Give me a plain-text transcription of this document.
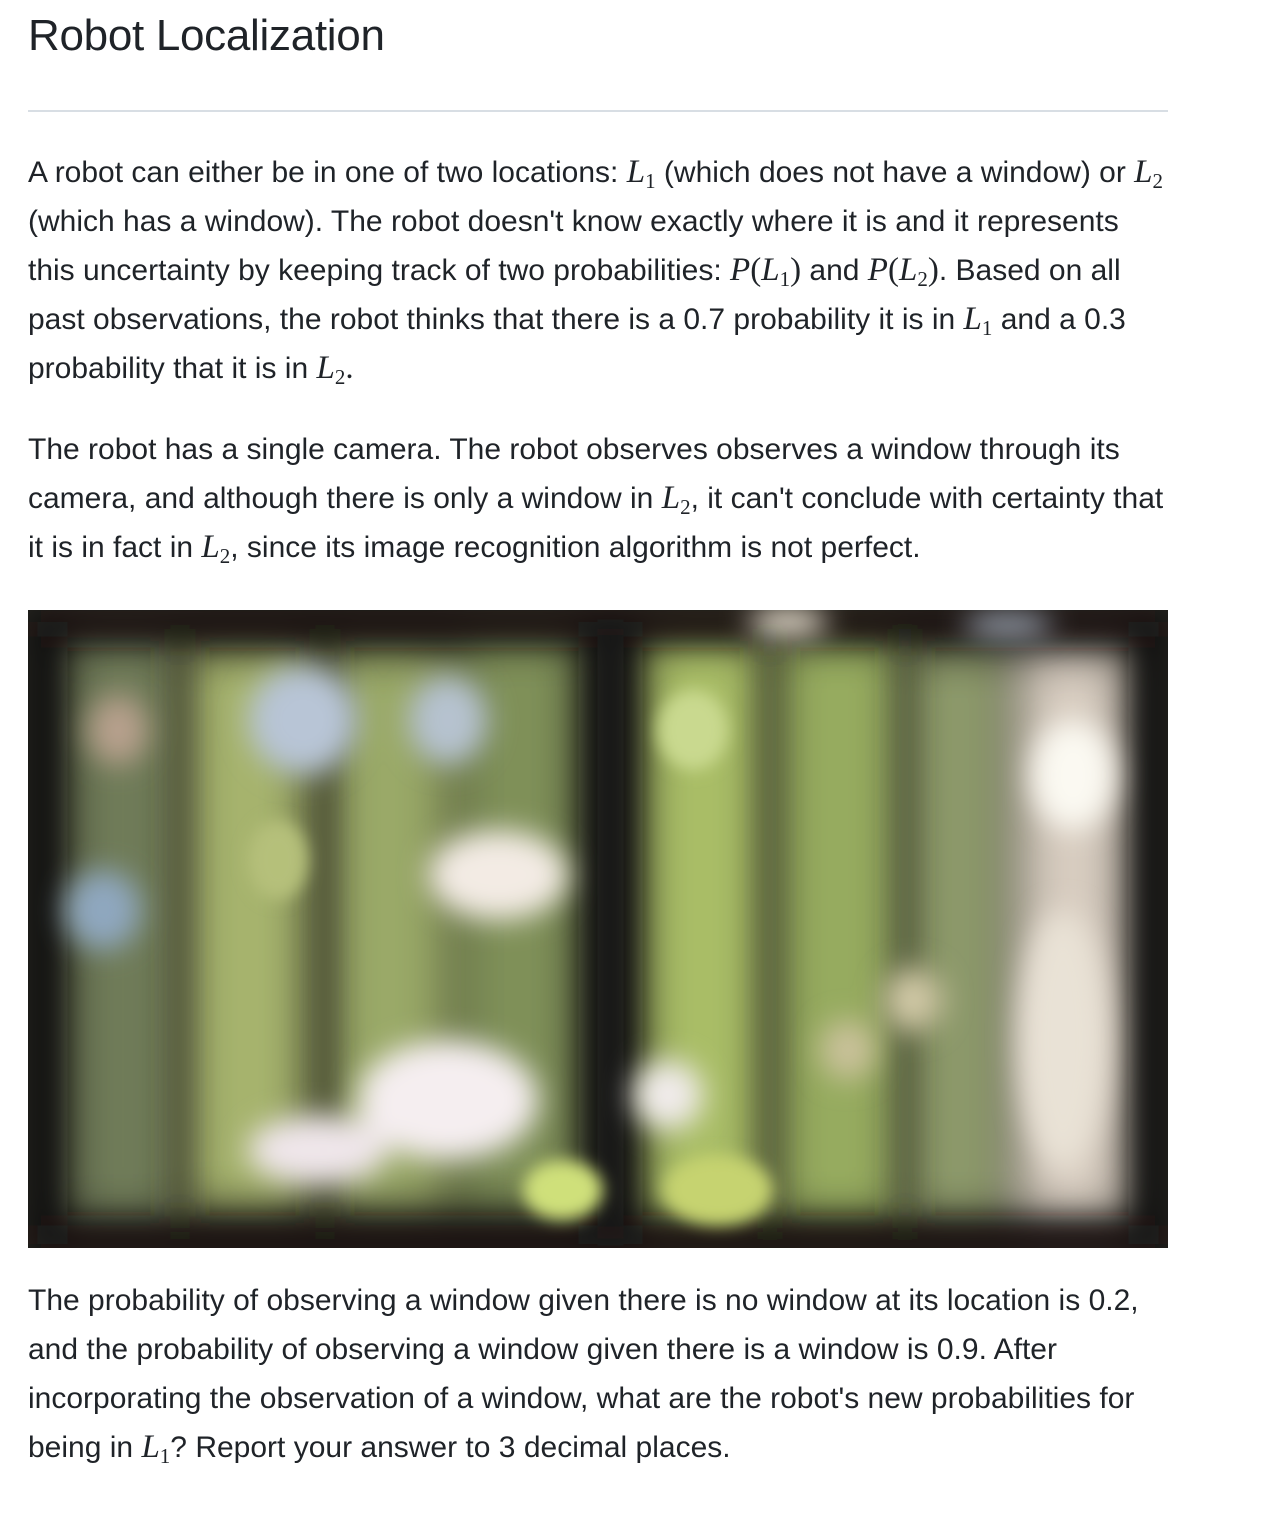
Robot Localization

A robot can either be in one of two locations: $L_1$ (which does not have a window) or $L_2$ (which has a window). The robot doesn't know exactly where it is and it represents this uncertainty by keeping track of two probabilities: $P(L_1)$ and $P(L_2)$. Based on all past observations, the robot thinks that there is a 0.7 probability it is in $L_1$ and a 0.3 probability that it is in $L_2$.

The robot has a single camera. The robot observes observes a window through its camera, and although there is only a window in $L_2$, it can't conclude with certainty that it is in fact in $L_2$, since its image recognition algorithm is not perfect.

The probability of observing a window given there is no window at its location is 0.2, and the probability of observing a window given there is a window is 0.9. After incorporating the observation of a window, what are the robot's new probabilities for being in $L_1$? Report your answer to 3 decimal places.
